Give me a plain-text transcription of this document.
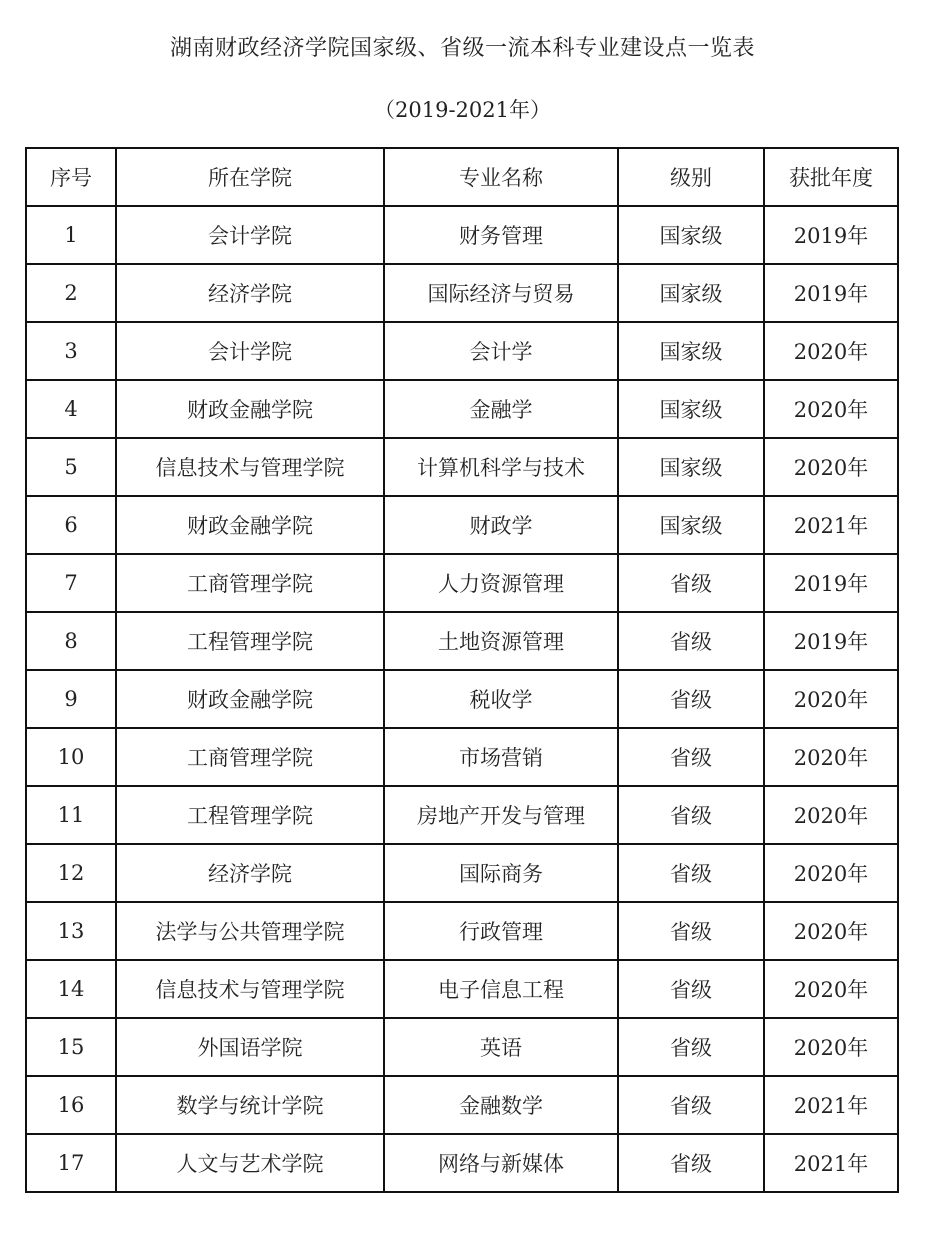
湖南财政经济学院国家级、省级一流本科专业建设点一览表
（2019-2021年）
序号	所在学院	专业名称	级别	获批年度
1	会计学院	财务管理	国家级	2019年
2	经济学院	国际经济与贸易	国家级	2019年
3	会计学院	会计学	国家级	2020年
4	财政金融学院	金融学	国家级	2020年
5	信息技术与管理学院	计算机科学与技术	国家级	2020年
6	财政金融学院	财政学	国家级	2021年
7	工商管理学院	人力资源管理	省级	2019年
8	工程管理学院	土地资源管理	省级	2019年
9	财政金融学院	税收学	省级	2020年
10	工商管理学院	市场营销	省级	2020年
11	工程管理学院	房地产开发与管理	省级	2020年
12	经济学院	国际商务	省级	2020年
13	法学与公共管理学院	行政管理	省级	2020年
14	信息技术与管理学院	电子信息工程	省级	2020年
15	外国语学院	英语	省级	2020年
16	数学与统计学院	金融数学	省级	2021年
17	人文与艺术学院	网络与新媒体	省级	2021年
